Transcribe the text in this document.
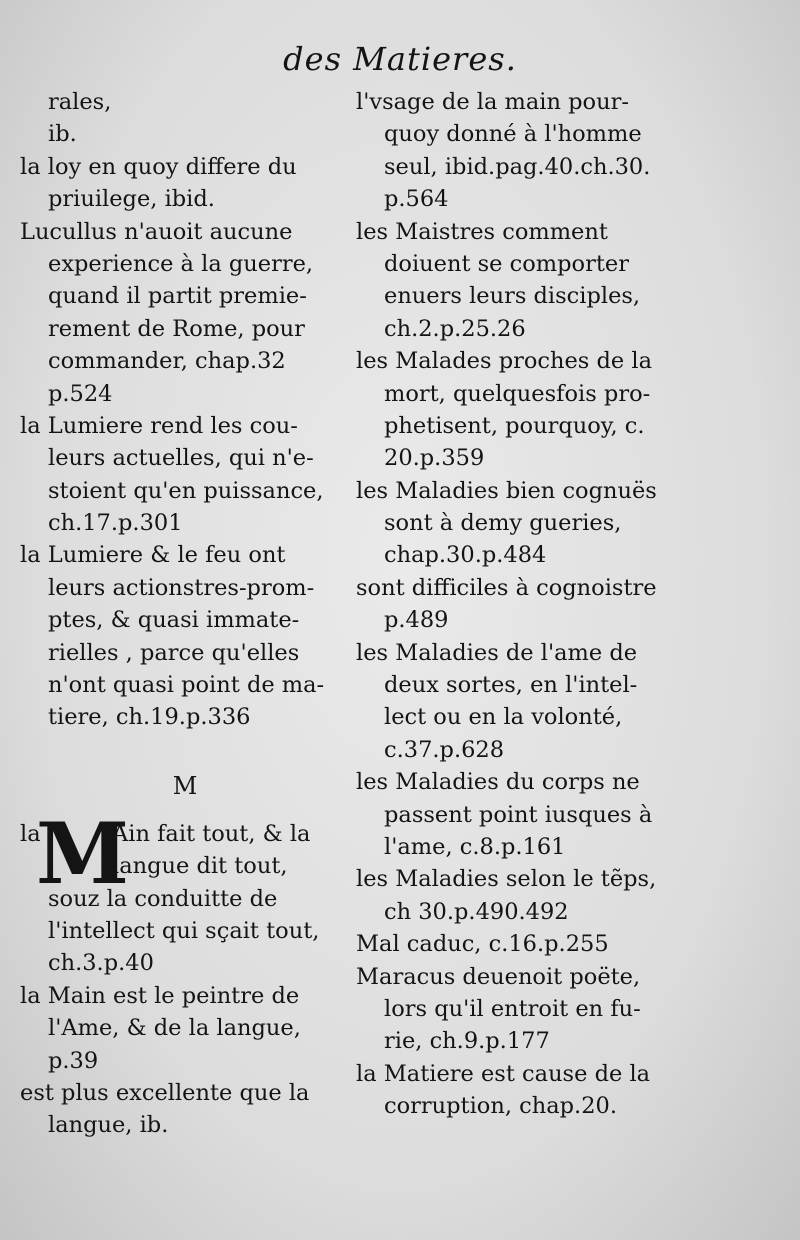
des Matieres.
rales,
ib.
la loy en quoy differe du
priuilege, ibid.
Lucullus n'auoit aucune
experience à la guerre,
quand il partit premie-
rement de Rome, pour
commander, chap.32
p.524
la Lumiere rend les cou-
leurs actuelles, qui n'e-
stoient qu'en puissance,
ch.17.p.301
la Lumiere & le feu ont
leurs actionstres-prom-
ptes, & quasi immate-
rielles , parce qu'elles
n'ont quasi point de ma-
tiere, ch.19.p.336
M
la
M
Ain fait tout, & la
langue dit tout,
souz la conduitte de
l'intellect qui sçait tout,
ch.3.p.40
la Main est le peintre de
l'Ame, & de la langue,
p.39
est plus excellente que la
langue, ib.
l'vsage de la main pour-
quoy donné à l'homme
seul, ibid.pag.40.ch.30.
p.564
les Maistres comment
doiuent se comporter
enuers leurs disciples,
ch.2.p.25.26
les Malades proches de la
mort, quelquesfois pro-
phetisent, pourquoy, c.
20.p.359
les Maladies bien cognuës
sont à demy gueries,
chap.30.p.484
sont difficiles à cognoistre
p.489
les Maladies de l'ame de
deux sortes, en l'intel-
lect ou en la volonté,
c.37.p.628
les Maladies du corps ne
passent point iusques à
l'ame, c.8.p.161
les Maladies selon le tẽps,
ch 30.p.490.492
Mal caduc, c.16.p.255
Maracus deuenoit poëte,
lors qu'il entroit en fu-
rie, ch.9.p.177
la Matiere est cause de la
corruption, chap.20.
